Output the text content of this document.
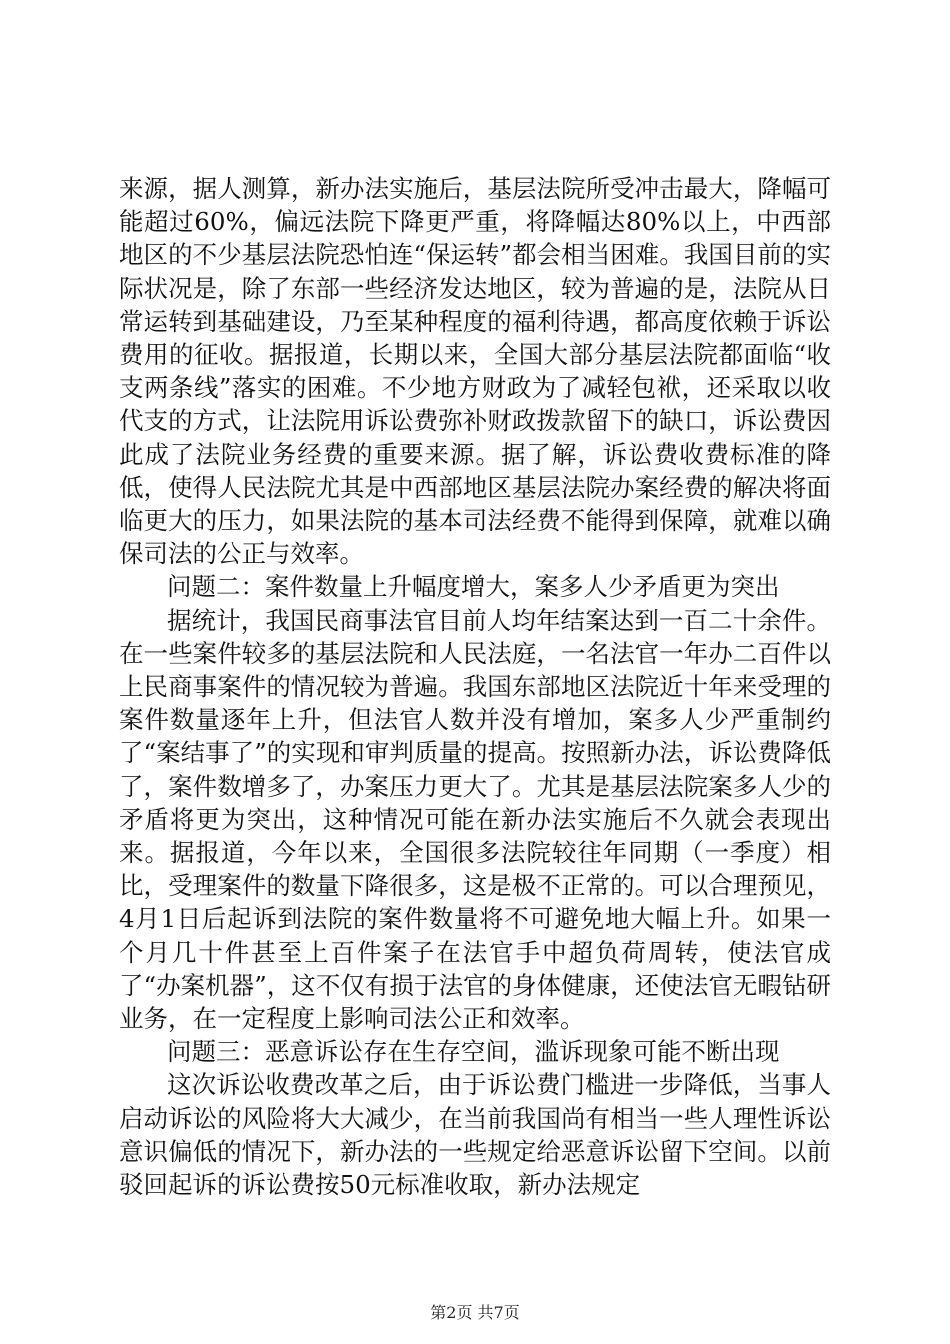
来源，据人测算，新办法实施后，基层法院所受冲击最大，降幅可能超过60%，偏远法院下降更严重，将降幅达80%以上，中西部地区的不少基层法院恐怕连“保运转”都会相当困难。我国目前的实际状况是，除了东部一些经济发达地区，较为普遍的是，法院从日常运转到基础建设，乃至某种程度的福利待遇，都高度依赖于诉讼费用的征收。据报道，长期以来，全国大部分基层法院都面临“收支两条线”落实的困难。不少地方财政为了减轻包袱，还采取以收代支的方式，让法院用诉讼费弥补财政拨款留下的缺口，诉讼费因此成了法院业务经费的重要来源。据了解，诉讼费收费标准的降低，使得人民法院尤其是中西部地区基层法院办案经费的解决将面临更大的压力，如果法院的基本司法经费不能得到保障，就难以确保司法的公正与效率。

问题二：案件数量上升幅度增大，案多人少矛盾更为突出

据统计，我国民商事法官目前人均年结案达到一百二十余件。在一些案件较多的基层法院和人民法庭，一名法官一年办二百件以上民商事案件的情况较为普遍。我国东部地区法院近十年来受理的案件数量逐年上升，但法官人数并没有增加，案多人少严重制约了“案结事了”的实现和审判质量的提高。按照新办法，诉讼费降低了，案件数增多了，办案压力更大了。尤其是基层法院案多人少的矛盾将更为突出，这种情况可能在新办法实施后不久就会表现出来。据报道，今年以来，全国很多法院较往年同期（一季度）相比，受理案件的数量下降很多，这是极不正常的。可以合理预见，4月1日后起诉到法院的案件数量将不可避免地大幅上升。如果一个月几十件甚至上百件案子在法官手中超负荷周转，使法官成了“办案机器”，这不仅有损于法官的身体健康，还使法官无暇钻研业务，在一定程度上影响司法公正和效率。

问题三：恶意诉讼存在生存空间，滥诉现象可能不断出现

这次诉讼收费改革之后，由于诉讼费门槛进一步降低，当事人启动诉讼的风险将大大减少，在当前我国尚有相当一些人理性诉讼意识偏低的情况下，新办法的一些规定给恶意诉讼留下空间。以前驳回起诉的诉讼费按50元标准收取，新办法规定

第2页 共7页
